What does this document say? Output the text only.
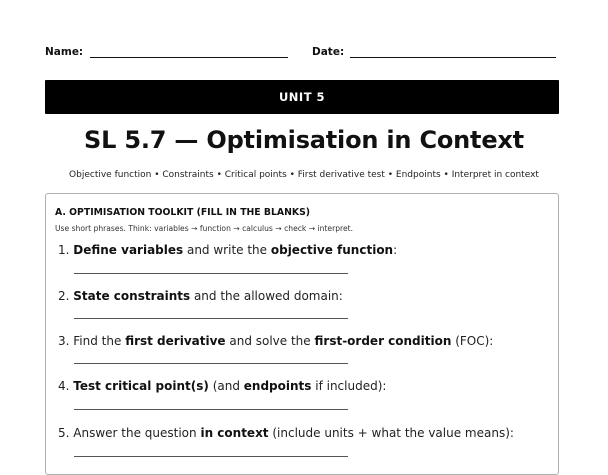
Name:	Date:
UNIT 5
SL 5.7 — Optimisation in Context
Objective function • Constraints • Critical points • First derivative test • Endpoints • Interpret in context
A. OPTIMISATION TOOLKIT (FILL IN THE BLANKS)
Use short phrases. Think: variables → function → calculus → check → interpret.
1. Define variables and write the objective function:
2. State constraints and the allowed domain:
3. Find the first derivative and solve the first-order condition (FOC):
4. Test critical point(s) (and endpoints if included):
5. Answer the question in context (include units + what the value means):
